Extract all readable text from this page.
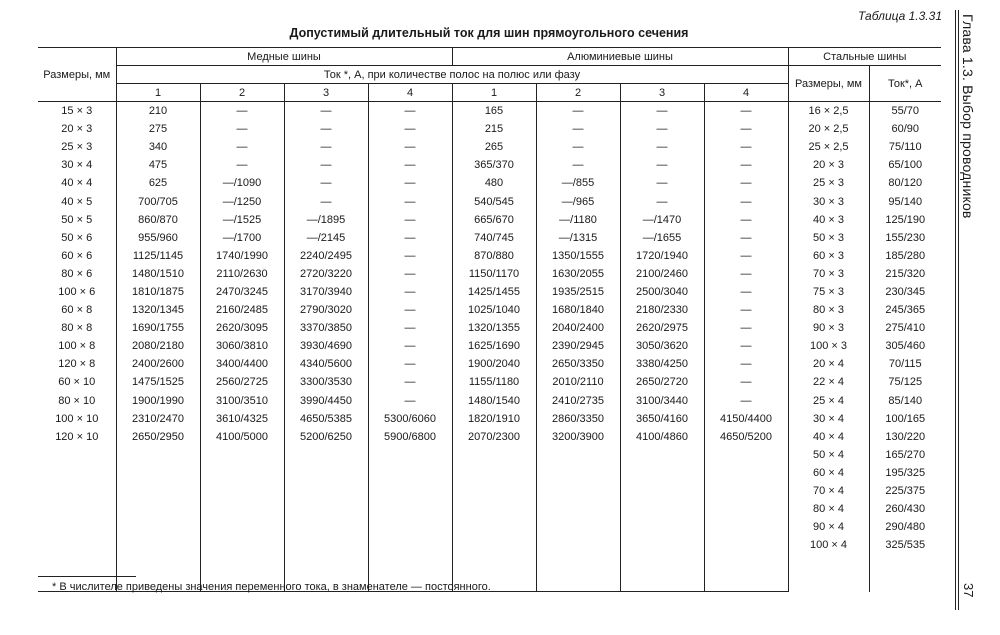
Таблица 1.3.31
Допустимый длительный ток для шин прямоугольного сечения
Размеры, мм	Медные шины				Алюминиевые шины				Стальные шины	
	Ток *, А, при количестве полос на полюс или фазу								Размеры, мм	Ток*, А
	1	2	3	4	1	2	3	4		
15 × 3	210	—	—	—	165	—	—	—	16 × 2,5	55/70
20 × 3	275	—	—	—	215	—	—	—	20 × 2,5	60/90
25 × 3	340	—	—	—	265	—	—	—	25 × 2,5	75/110
30 × 4	475	—	—	—	365/370	—	—	—	20 × 3	65/100
40 × 4	625	—/1090	—	—	480	—/855	—	—	25 × 3	80/120
40 × 5	700/705	—/1250	—	—	540/545	—/965	—	—	30 × 3	95/140
50 × 5	860/870	—/1525	—/1895	—	665/670	—/1180	—/1470	—	40 × 3	125/190
50 × 6	955/960	—/1700	—/2145	—	740/745	—/1315	—/1655	—	50 × 3	155/230
60 × 6	1125/1145	1740/1990	2240/2495	—	870/880	1350/1555	1720/1940	—	60 × 3	185/280
80 × 6	1480/1510	2110/2630	2720/3220	—	1150/1170	1630/2055	2100/2460	—	70 × 3	215/320
100 × 6	1810/1875	2470/3245	3170/3940	—	1425/1455	1935/2515	2500/3040	—	75 × 3	230/345
60 × 8	1320/1345	2160/2485	2790/3020	—	1025/1040	1680/1840	2180/2330	—	80 × 3	245/365
80 × 8	1690/1755	2620/3095	3370/3850	—	1320/1355	2040/2400	2620/2975	—	90 × 3	275/410
100 × 8	2080/2180	3060/3810	3930/4690	—	1625/1690	2390/2945	3050/3620	—	100 × 3	305/460
120 × 8	2400/2600	3400/4400	4340/5600	—	1900/2040	2650/3350	3380/4250	—	20 × 4	70/115
60 × 10	1475/1525	2560/2725	3300/3530	—	1155/1180	2010/2110	2650/2720	—	22 × 4	75/125
80 × 10	1900/1990	3100/3510	3990/4450	—	1480/1540	2410/2735	3100/3440	—	25 × 4	85/140
100 × 10	2310/2470	3610/4325	4650/5385	5300/6060	1820/1910	2860/3350	3650/4160	4150/4400	30 × 4	100/165
120 × 10	2650/2950	4100/5000	5200/6250	5900/6800	2070/2300	3200/3900	4100/4860	4650/5200	40 × 4	130/220
									50 × 4	165/270
									60 × 4	195/325
									70 × 4	225/375
									80 × 4	260/430
									90 × 4	290/480
									100 × 4	325/535

* В числителе приведены значения переменного тока, в знаменателе — постоянного.
Глава 1.3. Выбор проводников
37
